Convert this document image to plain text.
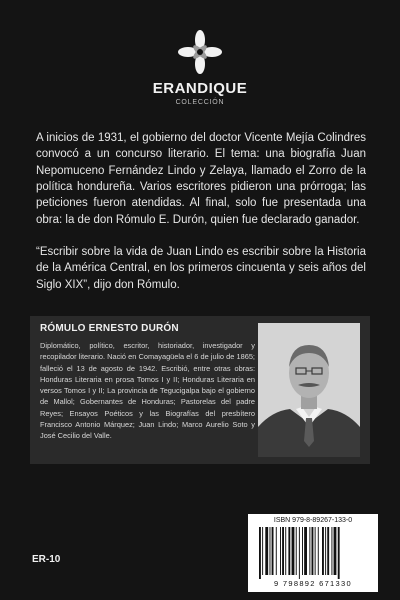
ERANDIQUE
COLECCIÓN

A inicios de 1931, el gobierno del doctor Vicente Mejía Colindres convocó a un concurso literario. El tema: una biografía Juan Nepomuceno Fernández Lindo y Zelaya, llamado el Zorro de la política hondureña. Varios escritores pidieron una prórroga; las peticiones fueron atendidas. Al final, solo fue presentada una obra: la de don Rómulo E. Durón, quien fue declarado ganador.

“Escribir sobre la vida de Juan Lindo es escribir sobre la Historia de la América Central, en los primeros cincuenta y seis años del Siglo XIX”, dijo don Rómulo.

RÓMULO ERNESTO DURÓN
Diplomático, político, escritor, historiador, investigador y recopilador literario. Nació en Comayagüela el 6 de julio de 1865; falleció el 13 de agosto de 1942. Escribió, entre otras obras: Honduras Literaria en prosa Tomos I y II; Honduras Literaria en versos Tomos I y II; La provincia de Tegucigalpa bajo el gobierno de Mallol; Gobernantes de Honduras; Pastorelas del padre Reyes; Ensayos Poéticos y las Biografías del presbítero Francisco Antonio Márquez; Juan Lindo; Marco Aurelio Soto y José Cecilio del Valle.
ISBN 979-8-89267-133-0
9 798892 671330
ER-10
